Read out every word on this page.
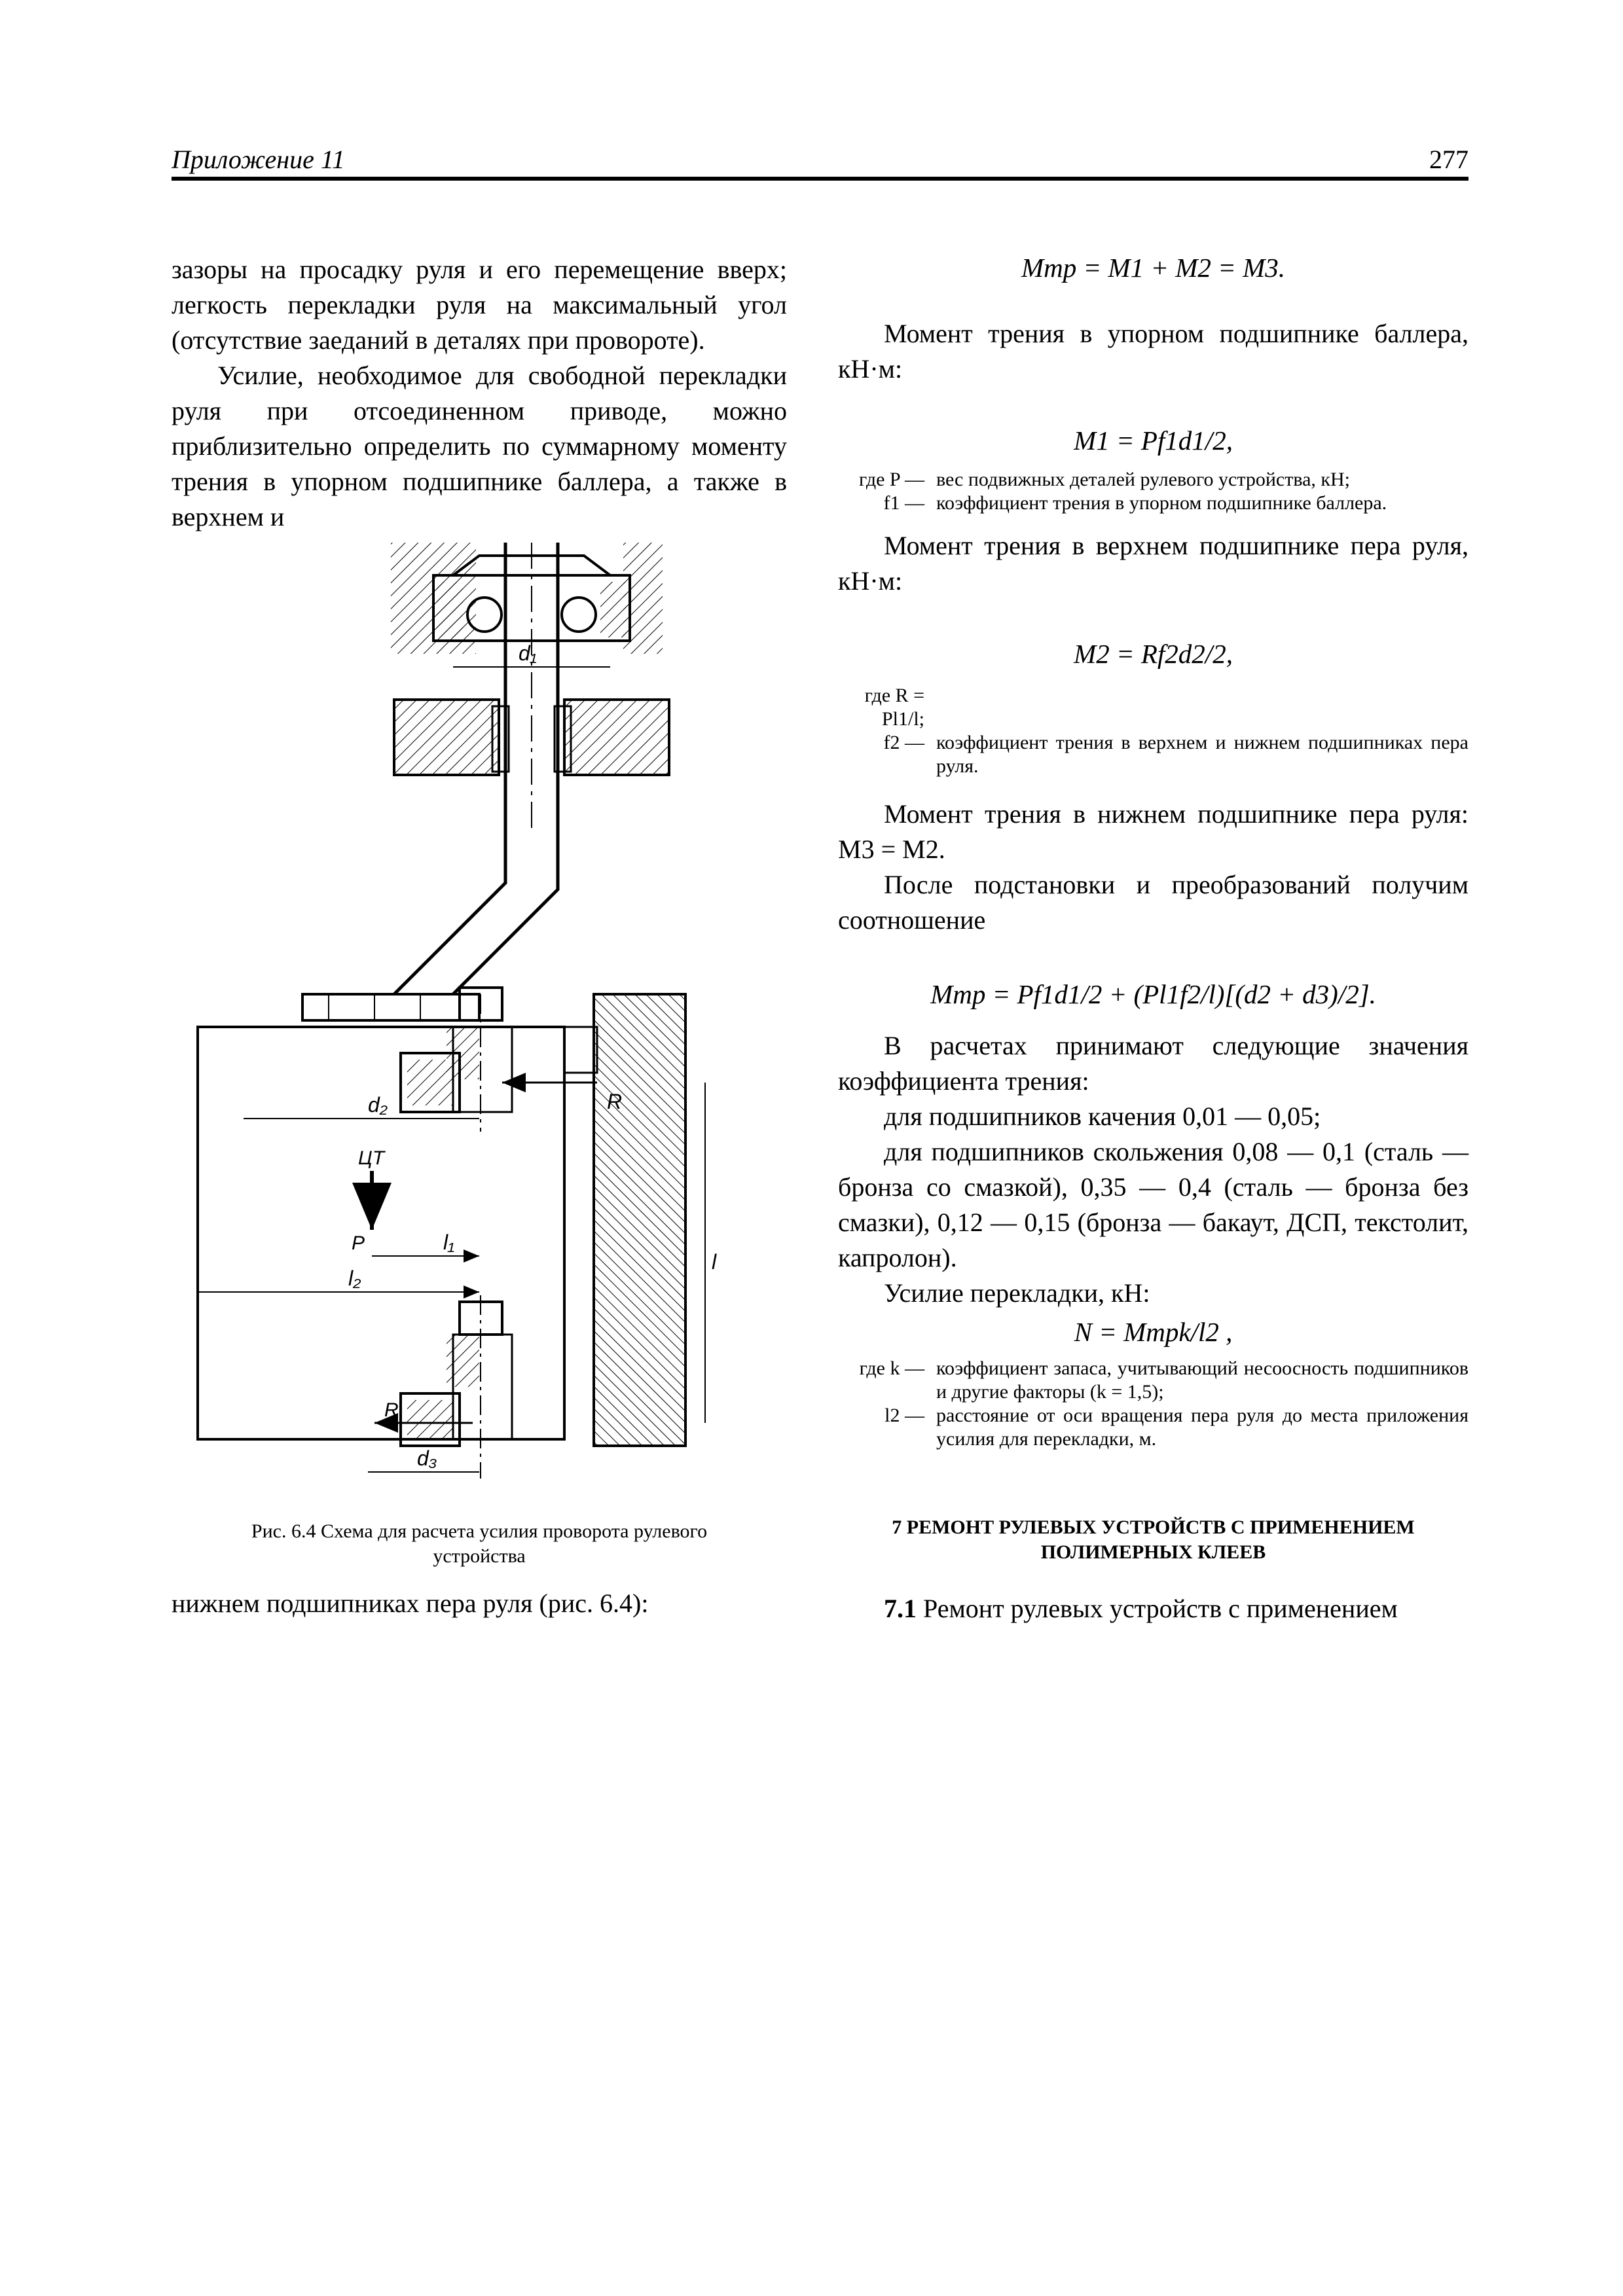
Приложение 11	277

зазоры на просадку руля и его перемещение вверх; легкость перекладки руля на максимальный угол (отсутствие заеданий в деталях при провороте).

Усилие, необходимое для свободной перекладки руля при отсоединенном приводе, можно приблизительно определить по суммарному моменту трения в упорном подшипнике баллера, а также в верхнем и

d₁
R
d₂
ЦТ
P	l₁
l₂
R
d₃
l
Рис. 6.4 Схема для расчета усилия проворота рулевого устройства

нижнем подшипниках пера руля (рис. 6.4):

Mтр = M1 + M2 = M3.

Момент трения в упорном подшипнике баллера, кН·м:

M1 = Pf1d1/2,

где P — вес подвижных деталей рулевого устройства, кН;
f1 — коэффициент трения в упорном подшипнике баллера.

Момент трения в верхнем подшипнике пера руля, кН·м:

M2 = Rf2d2/2,

где R = Pl1/l;
f2 — коэффициент трения в верхнем и нижнем подшипниках пера руля.

Момент трения в нижнем подшипнике пера руля: M3 = M2.

После подстановки и преобразований получим соотношение

Mтр = Pf1d1/2 + (Pl1f2/l)[(d2 + d3)/2].

В расчетах принимают следующие значения коэффициента трения:

для подшипников качения 0,01 — 0,05;

для подшипников скольжения 0,08 — 0,1 (сталь — бронза со смазкой), 0,35 — 0,4 (сталь — бронза без смазки), 0,12 — 0,15 (бронза — бакаут, ДСП, текстолит, капролон).

Усилие перекладки, кН:

N = Mтрk/l2 ,

где k — коэффициент запаса, учитывающий несоосность подшипников и другие факторы (k = 1,5);
l2 — расстояние от оси вращения пера руля до места приложения усилия для перекладки, м.
7 РЕМОНТ РУЛЕВЫХ УСТРОЙСТВ С ПРИМЕНЕНИЕМ ПОЛИМЕРНЫХ КЛЕЕВ

7.1 Ремонт рулевых устройств с применением
